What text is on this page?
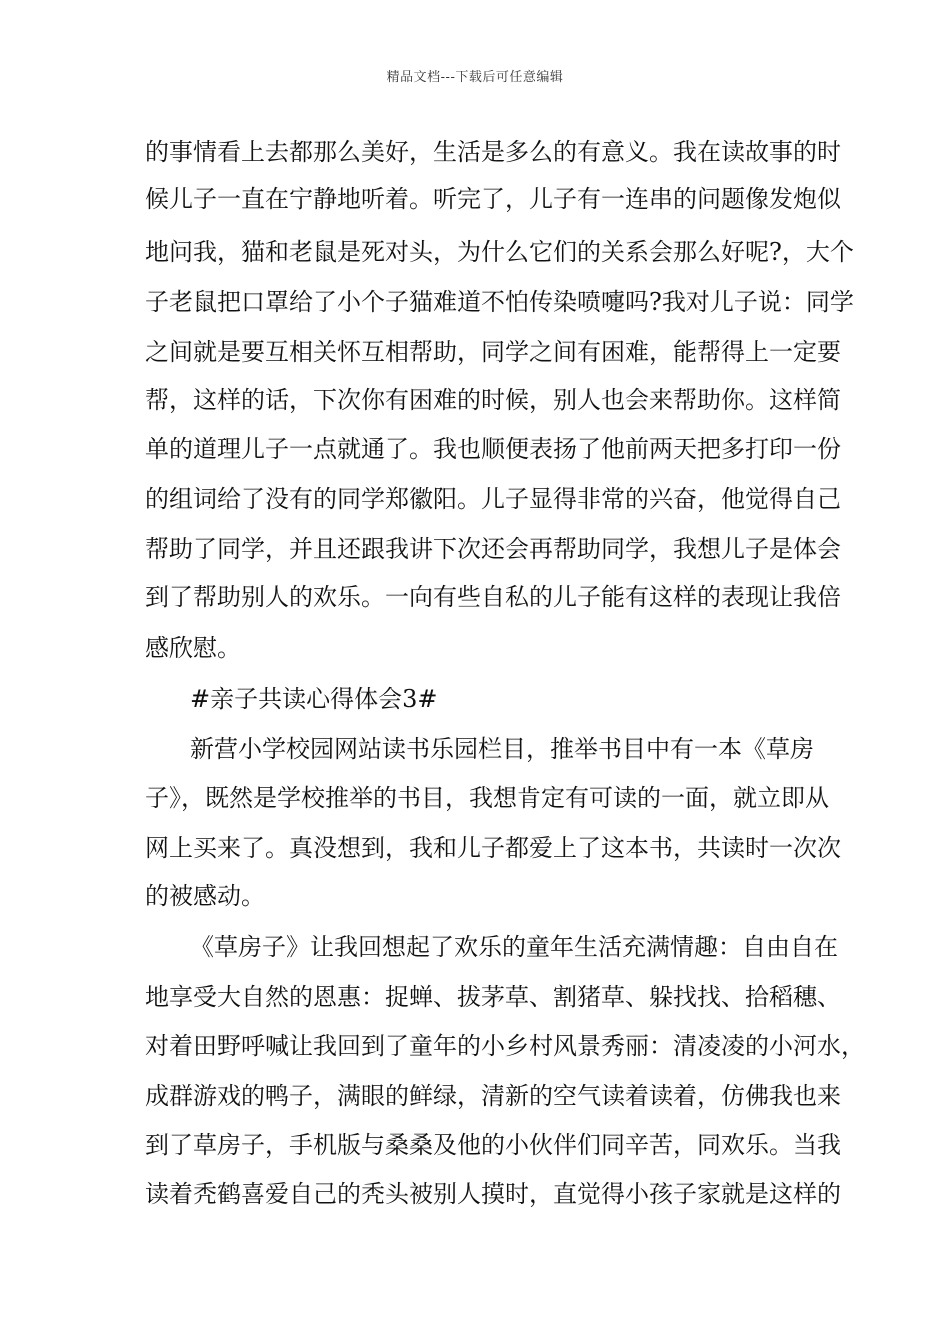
精品文档---下载后可任意编辑
的事情看上去都那么美好，生活是多么的有意义。我在读故事的时
候儿子一直在宁静地听着。听完了，儿子有一连串的问题像发炮似
地问我，猫和老鼠是死对头，为什么它们的关系会那么好呢?，大个
子老鼠把口罩给了小个子猫难道不怕传染喷嚏吗?我对儿子说：同学
之间就是要互相关怀互相帮助，同学之间有困难，能帮得上一定要
帮，这样的话，下次你有困难的时候，别人也会来帮助你。这样简
单的道理儿子一点就通了。我也顺便表扬了他前两天把多打印一份
的组词给了没有的同学郑徽阳。儿子显得非常的兴奋，他觉得自己
帮助了同学，并且还跟我讲下次还会再帮助同学，我想儿子是体会
到了帮助别人的欢乐。一向有些自私的儿子能有这样的表现让我倍
感欣慰。
#亲子共读心得体会3#
新营小学校园网站读书乐园栏目，推举书目中有一本《草房
子》，既然是学校推举的书目，我想肯定有可读的一面，就立即从
网上买来了。真没想到，我和儿子都爱上了这本书，共读时一次次
的被感动。
《草房子》让我回想起了欢乐的童年生活充满情趣：自由自在
地享受大自然的恩惠：捉蝉、拔茅草、割猪草、躲找找、拾稻穗、
对着田野呼喊让我回到了童年的小乡村风景秀丽：清凌凌的小河水，
成群游戏的鸭子，满眼的鲜绿，清新的空气读着读着，仿佛我也来
到了草房子，手机版与桑桑及他的小伙伴们同辛苦，同欢乐。当我
读着秃鹤喜爱自己的秃头被别人摸时，直觉得小孩子家就是这样的
